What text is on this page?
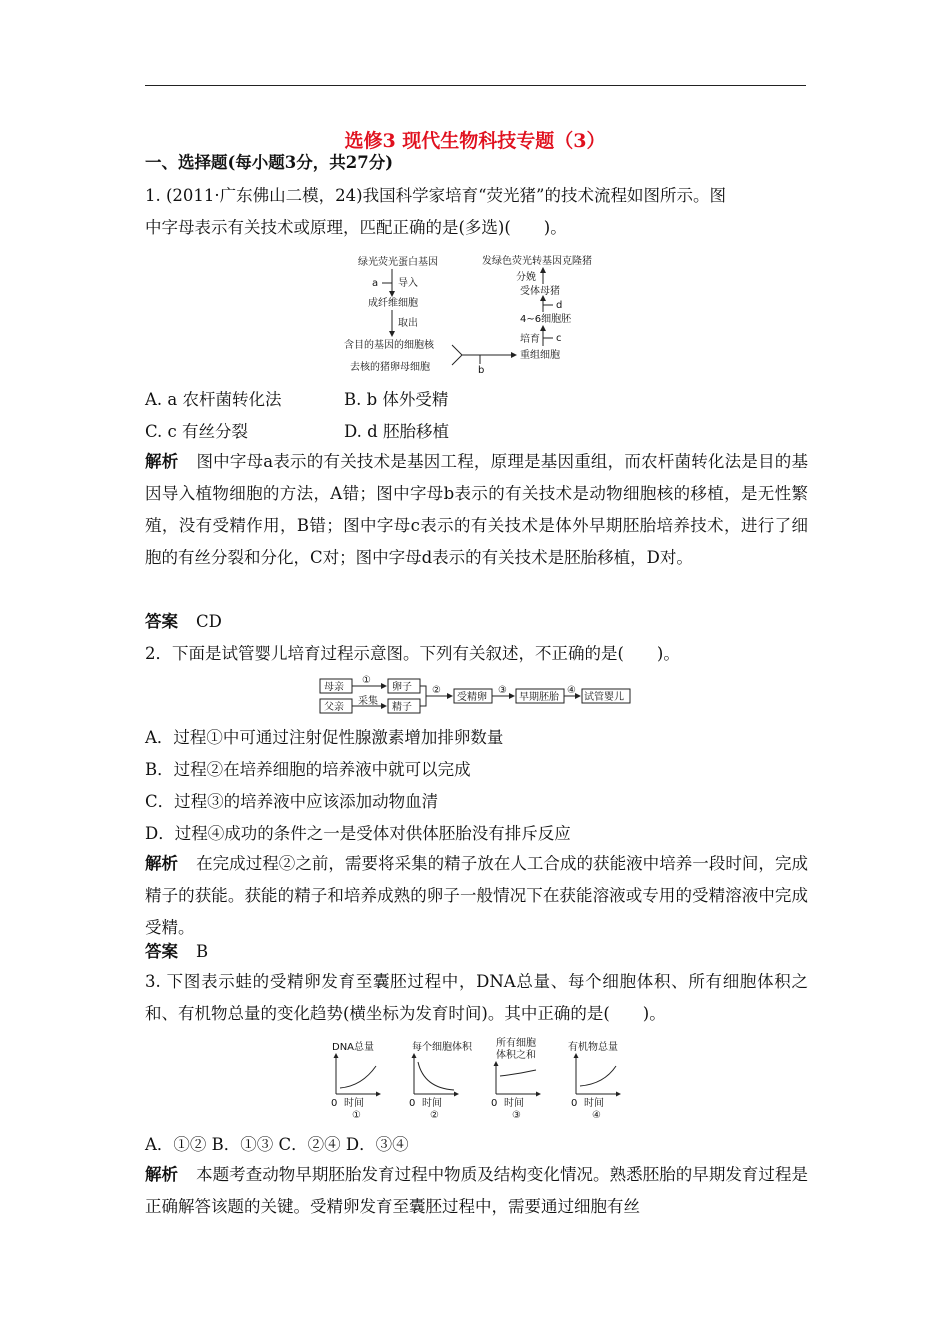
选修3 现代生物科技专题（3）
一、选择题(每小题3分，共27分)
1. (2011·广东佛山二模，24)我国科学家培育“荧光猪”的技术流程如图所示。图
中字母表示有关技术或原理，匹配正确的是(多选)(　　)。
绿光荧光蛋白基因
a 导入
成纤维细胞
取出
含目的基因的细胞核
去核的猪卵母细胞	b
重组细胞
培育 c
4~6细胞胚
d
受体母猪
分娩
发绿色荧光转基因克隆猪
A. a 农杆菌转化法	B. b 体外受精
C. c 有丝分裂	D. d 胚胎移植
解析 图中字母a表示的有关技术是基因工程，原理是基因重组，而农杆菌转化法是目的基因导入植物细胞的方法，A错；图中字母b表示的有关技术是动物细胞核的移植，是无性繁殖，没有受精作用，B错；图中字母c表示的有关技术是体外早期胚胎培养技术，进行了细胞的有丝分裂和分化，C对；图中字母d表示的有关技术是胚胎移植，D对。
答案 CD
2．下面是试管婴儿培育过程示意图。下列有关叙述，不正确的是(　　)。
母亲
①
卵子
父亲
采集
精子
②
受精卵
③
早期胚胎
④
试管婴儿
A．过程①中可通过注射促性腺激素增加排卵数量
B．过程②在培养细胞的培养液中就可以完成
C．过程③的培养液中应该添加动物血清
D．过程④成功的条件之一是受体对供体胚胎没有排斥反应
解析 在完成过程②之前，需要将采集的精子放在人工合成的获能液中培养一段时间，完成精子的获能。获能的精子和培养成熟的卵子一般情况下在获能溶液或专用的受精溶液中完成受精。
答案 B
3. 下图表示蛙的受精卵发育至囊胚过程中，DNA总量、每个细胞体积、所有细胞体积之和、有机物总量的变化趋势(横坐标为发育时间)。其中正确的是(　　)。
DNA总量
0 时间
①
每个细胞体积
0 时间
②
所有细胞
体积之和
0 时间
③
有机物总量
0 时间
④
A．①② B．①③ C．②④ D．③④
解析 本题考查动物早期胚胎发育过程中物质及结构变化情况。熟悉胚胎的早期发育过程是正确解答该题的关键。受精卵发育至囊胚过程中，需要通过细胞有丝
